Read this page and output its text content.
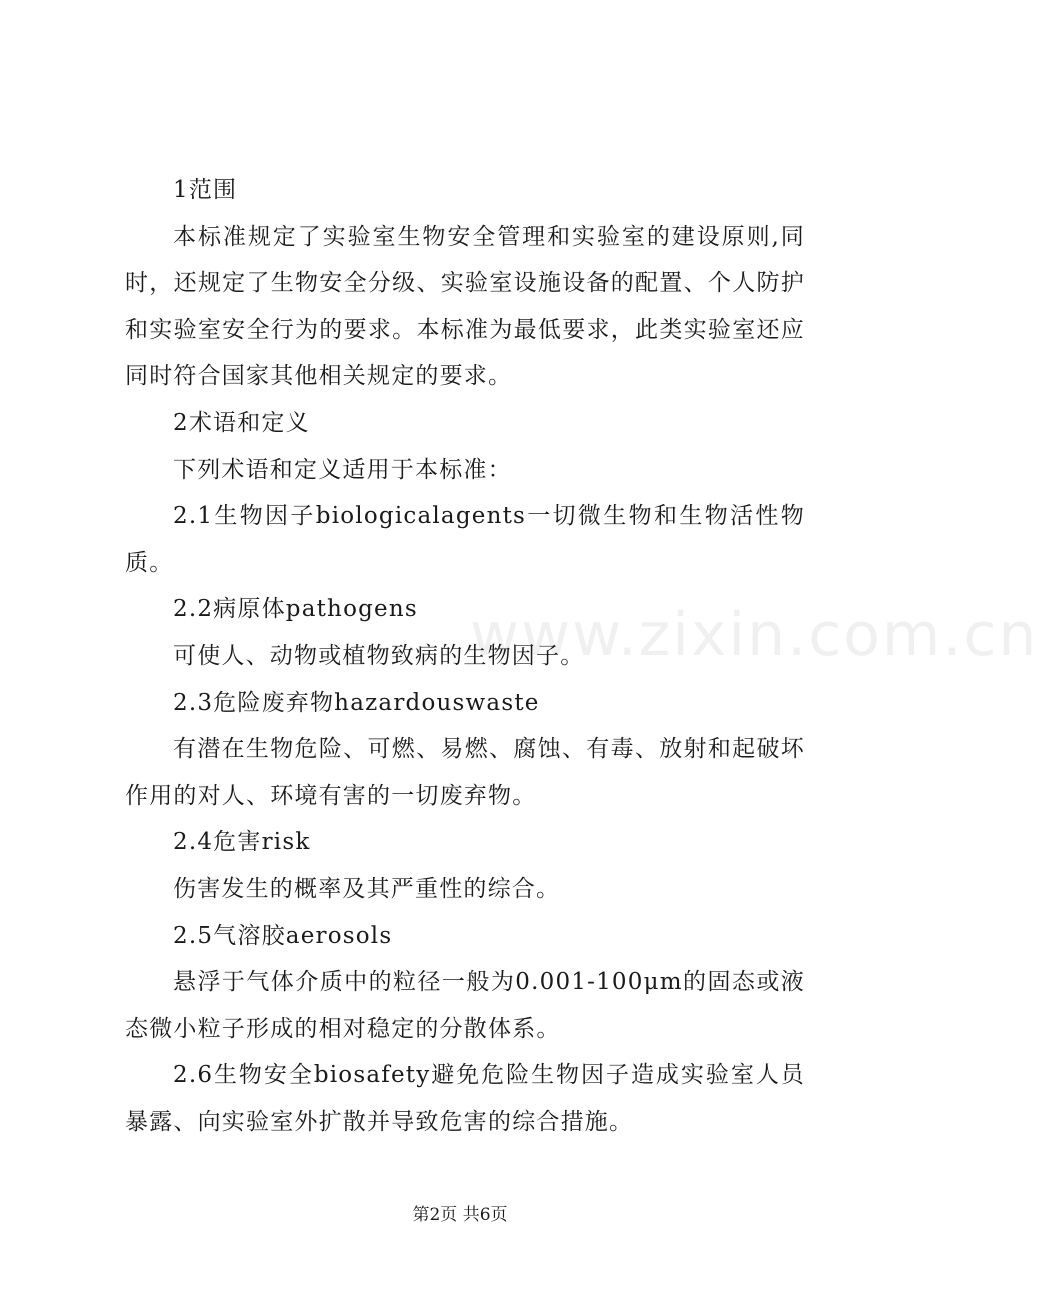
www.zixin.com.cn

1范围

本标准规定了实验室生物安全管理和实验室的建设原则,同时，还规定了生物安全分级、实验室设施设备的配置、个人防护和实验室安全行为的要求。本标准为最低要求，此类实验室还应同时符合国家其他相关规定的要求。

2术语和定义

下列术语和定义适用于本标准：

2.1生物因子biologicalagents一切微生物和生物活性物质。

2.2病原体pathogens

可使人、动物或植物致病的生物因子。

2.3危险废弃物hazardouswaste

有潜在生物危险、可燃、易燃、腐蚀、有毒、放射和起破坏作用的对人、环境有害的一切废弃物。

2.4危害risk

伤害发生的概率及其严重性的综合。

2.5气溶胶aerosols

悬浮于气体介质中的粒径一般为0.001-100μm的固态或液态微小粒子形成的相对稳定的分散体系。

2.6生物安全biosafety避免危险生物因子造成实验室人员暴露、向实验室外扩散并导致危害的综合措施。

第2页 共6页
